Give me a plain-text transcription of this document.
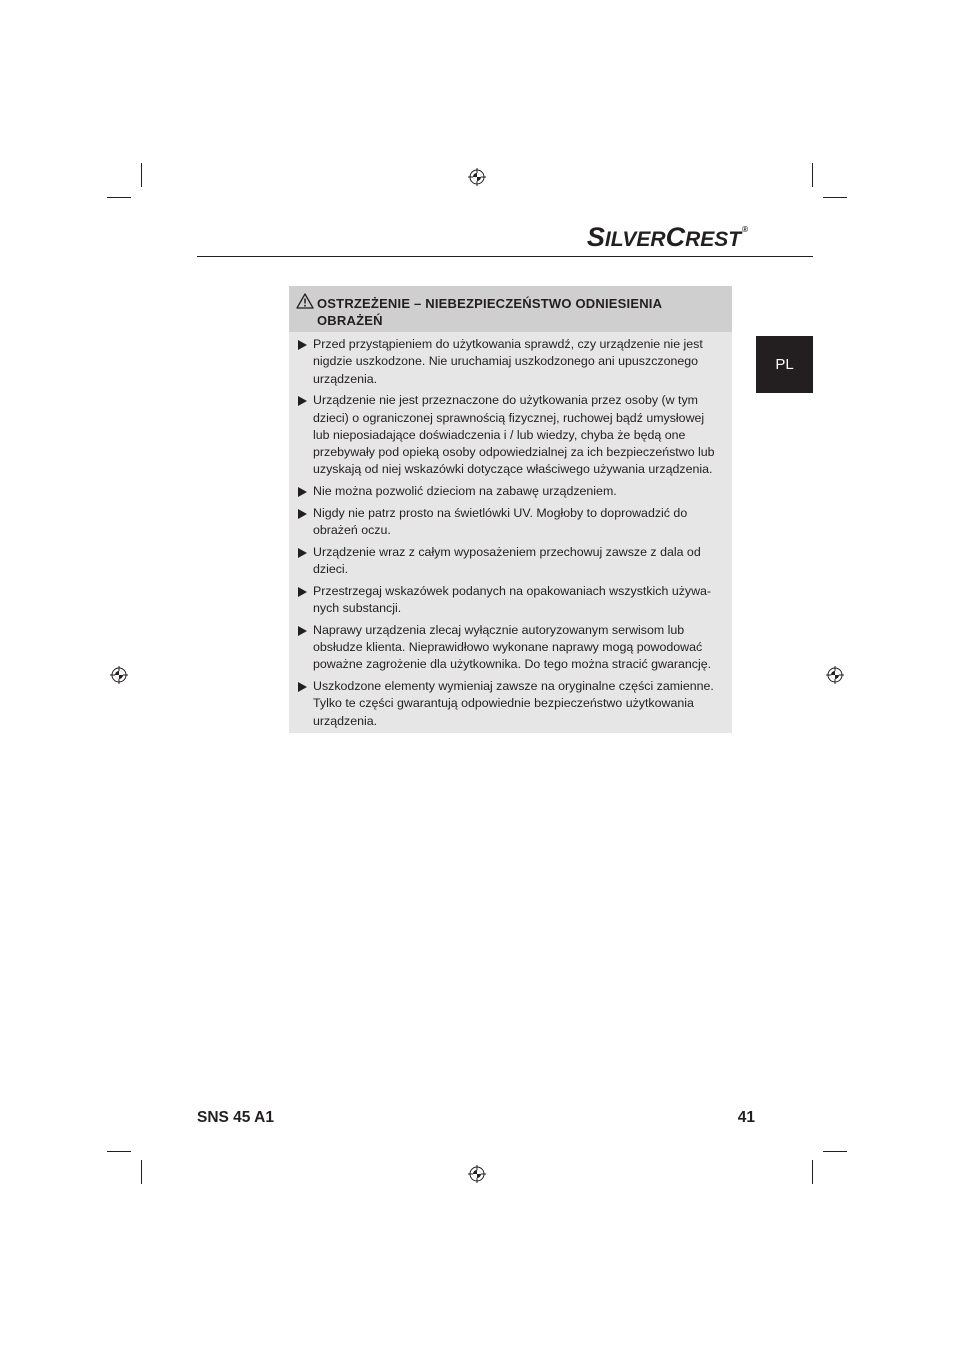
SILVERCREST®
PL
OSTRZEŻENIE – NIEBEZPIECZEŃSTWO ODNIESIENIA
OBRAŻEŃ
Przed przystąpieniem do użytkowania sprawdź, czy urządzenie nie jest
nigdzie uszkodzone. Nie uruchamiaj uszkodzonego ani upuszczonego
urządzenia.
Urządzenie nie jest przeznaczone do użytkowania przez osoby (w tym
dzieci) o ograniczonej sprawnością fizycznej, ruchowej bądź umysłowej
lub nieposiadające doświadczenia i / lub wiedzy, chyba że będą one
przebywały pod opieką osoby odpowiedzialnej za ich bezpieczeństwo lub
uzyskają od niej wskazówki dotyczące właściwego używania urządzenia.
Nie można pozwolić dzieciom na zabawę urządzeniem.
Nigdy nie patrz prosto na świetlówki UV. Mogłoby to doprowadzić do
obrażeń oczu.
Urządzenie wraz z całym wyposażeniem przechowuj zawsze z dala od
dzieci.
Przestrzegaj wskazówek podanych na opakowaniach wszystkich używa-
nych substancji.
Naprawy urządzenia zlecaj wyłącznie autoryzowanym serwisom lub
obsłudze klienta. Nieprawidłowo wykonane naprawy mogą powodować
poważne zagrożenie dla użytkownika. Do tego można stracić gwarancję.
Uszkodzone elementy wymieniaj zawsze na oryginalne części zamienne.
Tylko te części gwarantują odpowiednie bezpieczeństwo użytkowania
urządzenia.
SNS 45 A1	41
